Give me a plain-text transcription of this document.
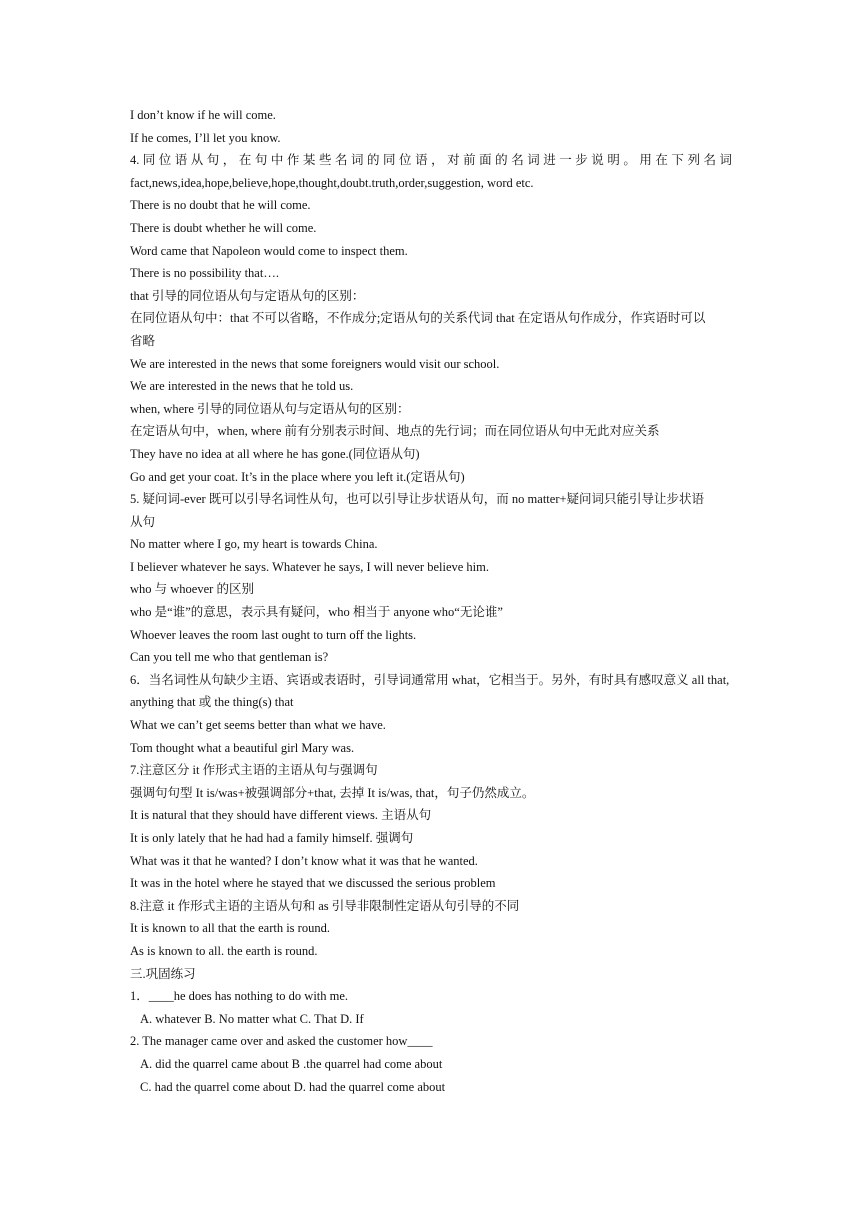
I don’t know if he will come.
If he comes, I’ll let you know.
4. 同 位 语 从 句 ， 在 句 中 作 某 些 名 词 的 同 位 语 ， 对 前 面 的 名 词 进 一 步 说 明 。 用 在 下 列 名 词
fact,news,idea,hope,believe,hope,thought,doubt.truth,order,suggestion, word etc.
There is no doubt that he will come.
There is doubt whether he will come.
Word came that Napoleon would come to inspect them.
There is no possibility that….
that 引导的同位语从句与定语从句的区别：
在同位语从句中：that 不可以省略，不作成分;定语从句的关系代词 that 在定语从句作成分，作宾语时可以
省略
We are interested in the news that some foreigners would visit our school.
We are interested in the news that he told us.
when, where 引导的同位语从句与定语从句的区别：
在定语从句中，when, where 前有分别表示时间、地点的先行词；而在同位语从句中无此对应关系
They have no idea at all where he has gone.(同位语从句)
Go and get your coat. It’s in the place where you left it.(定语从句)
5. 疑问词-ever 既可以引导名词性从句，也可以引导让步状语从句，而 no matter+疑问词只能引导让步状语
从句
No matter where I go, my heart is towards China.
I believer whatever he says. Whatever he says, I will never believe him.
who 与 whoever 的区别
who 是“谁”的意思，表示具有疑问，who 相当于 anyone who“无论谁”
Whoever leaves the room last ought to turn off the lights.
Can you tell me who that gentleman is?
6．当名词性从句缺少主语、宾语或表语时，引导词通常用 what，它相当于。另外，有时具有感叹意义 all that,
anything that 或 the thing(s) that
What we can’t get seems better than what we have.
Tom thought what a beautiful girl Mary was.
7.注意区分 it 作形式主语的主语从句与强调句
强调句句型 It is/was+被强调部分+that, 去掉 It is/was, that，句子仍然成立。
It is natural that they should have different views. 主语从句
It is only lately that he had had a family himself. 强调句
What was it that he wanted? I don’t know what it was that he wanted.
It was in the hotel where he stayed that we discussed the serious problem
8.注意 it 作形式主语的主语从句和 as 引导非限制性定语从句引导的不同
It is known to all that the earth is round.
As is known to all. the earth is round.
三.巩固练习
1．____he does has nothing to do with me.
A. whatever B. No matter what C. That D. If
2. The manager came over and asked the customer how____
A. did the quarrel came about B .the quarrel had come about
C. had the quarrel come about D. had the quarrel come about
